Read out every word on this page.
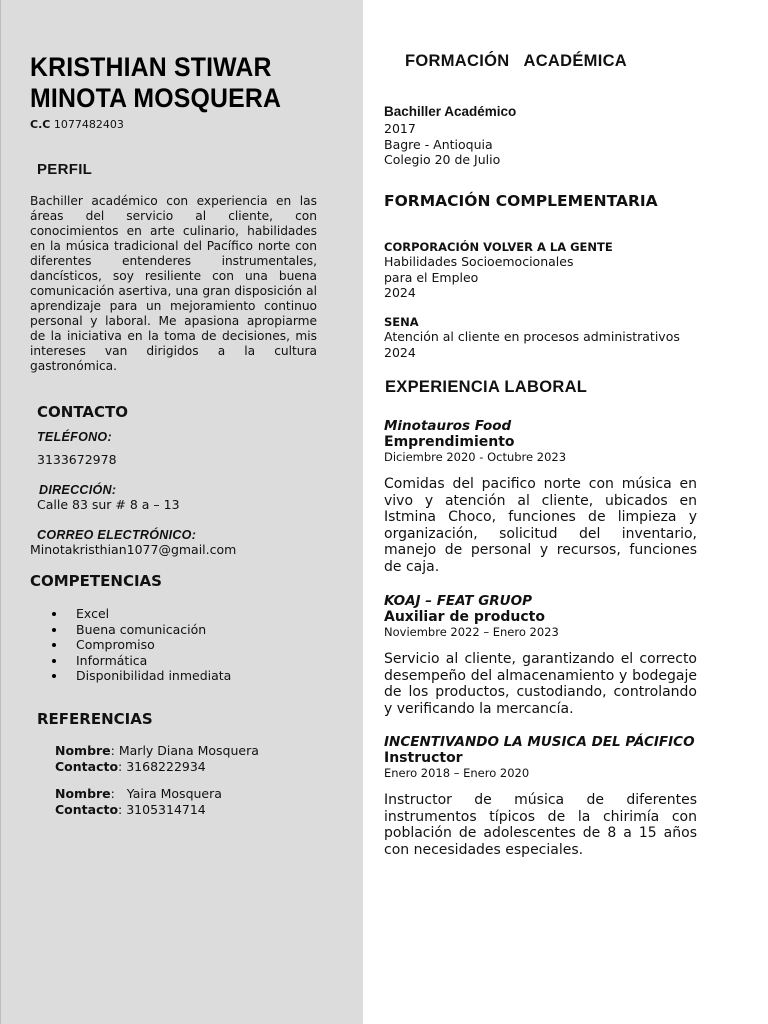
KRISTHIAN STIWAR
MINOTA MOSQUERA
C.C 1077482403
PERFIL
Bachiller académico con experiencia en las áreas del servicio al cliente, con conocimientos en arte culinario, habilidades en la música tradicional del Pacífico norte con diferentes entenderes instrumentales, dancísticos, soy resiliente con una buena comunicación asertiva, una gran disposición al aprendizaje para un mejoramiento continuo personal y laboral. Me apasiona apropiarme de la iniciativa en la toma de decisiones, mis intereses van dirigidos a la cultura gastronómica.
CONTACTO
TELÉFONO:
3133672978
DIRECCIÓN:
Calle 83 sur # 8 a – 13
CORREO ELECTRÓNICO:
Minotakristhian1077@gmail.com
COMPETENCIAS
Excel
Buena comunicación
Compromiso
Informática
Disponibilidad inmediata
REFERENCIAS
Nombre: Marly Diana Mosquera
Contacto: 3168222934
Nombre:   Yaira Mosquera
Contacto: 3105314714
FORMACIÓN   ACADÉMICA
Bachiller Académico
2017
Bagre - Antioquia
Colegio 20 de Julio
FORMACIÓN COMPLEMENTARIA
CORPORACIÓN VOLVER A LA GENTE
Habilidades Socioemocionales
para el Empleo
2024
SENA
Atención al cliente en procesos administrativos
2024
EXPERIENCIA LABORAL
Minotauros Food
Emprendimiento
Diciembre 2020 - Octubre 2023
Comidas del pacifico norte con música en vivo y atención al cliente, ubicados en Istmina Choco, funciones de limpieza y organización, solicitud del inventario, manejo de personal y recursos, funciones de caja.
KOAJ – FEAT GRUOP
Auxiliar de producto
Noviembre 2022 – Enero 2023
Servicio al cliente, garantizando el correcto desempeño del almacenamiento y bodegaje de los productos, custodiando, controlando y verificando la mercancía.
INCENTIVANDO LA MUSICA DEL PÁCIFICO
Instructor
Enero 2018 – Enero 2020
Instructor de música de diferentes instrumentos típicos de la chirimía con población de adolescentes de 8 a 15 años con necesidades especiales.
